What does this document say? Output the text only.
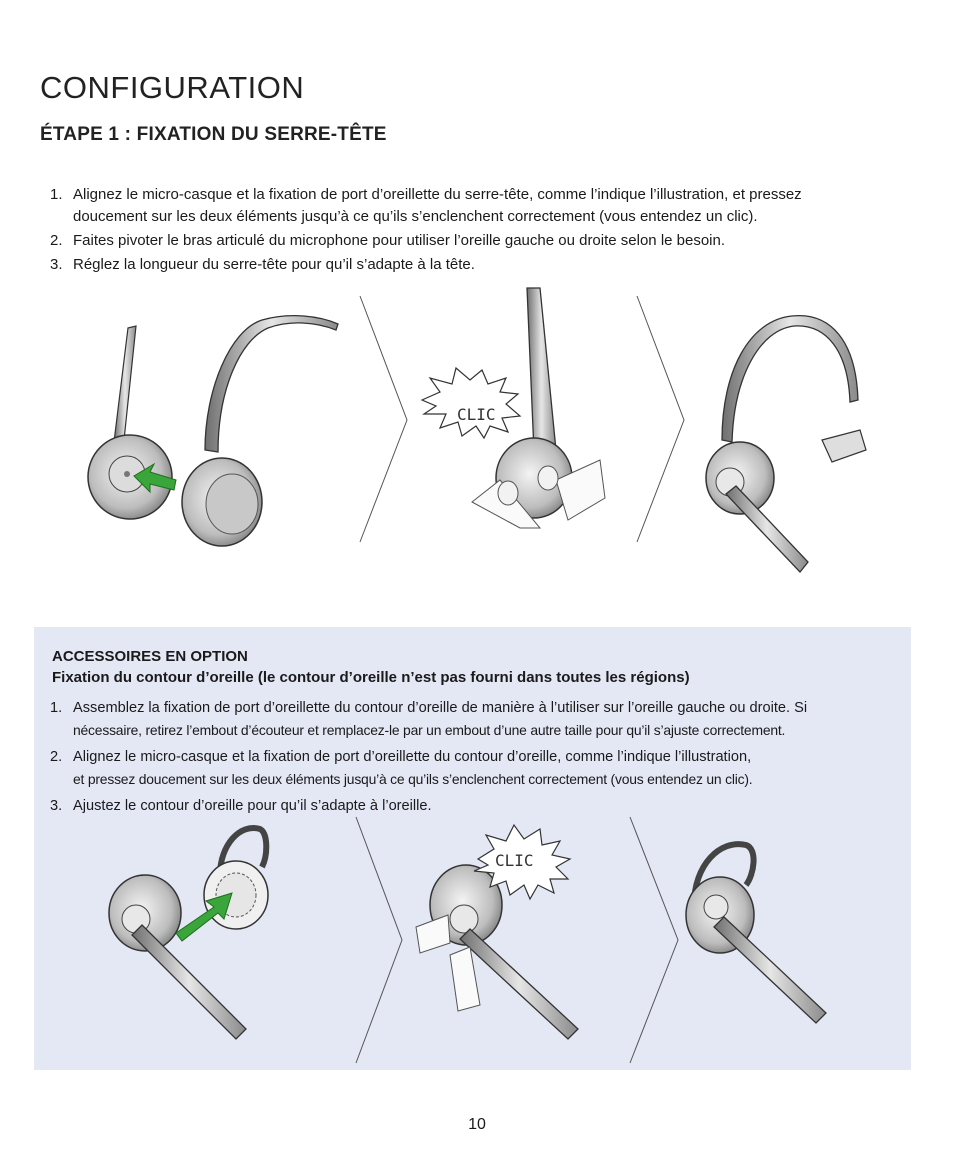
CONFIGURATION
ÉTAPE 1 : FIXATION DU SERRE-TÊTE
1. Alignez le micro-casque et la fixation de port d’oreillette du serre-tête, comme l’indique l’illustration, et pressez
doucement sur les deux éléments jusqu’à ce qu’ils s’enclenchent correctement (vous entendez un clic).
2. Faites pivoter le bras articulé du microphone pour utiliser l’oreille gauche ou droite selon le besoin.
3. Réglez la longueur du serre-tête pour qu’il s’adapte à la tête.
CLIC
ACCESSOIRES EN OPTION
Fixation du contour d’oreille (le contour d’oreille n’est pas fourni dans toutes les régions)
1. Assemblez la fixation de port d’oreillette du contour d’oreille de manière à l’utiliser sur l’oreille gauche ou droite. Si
nécessaire, retirez l’embout d’écouteur et remplacez-le par un embout d’une autre taille pour qu’il s’ajuste correctement.
2. Alignez le micro-casque et la fixation de port d’oreillette du contour d’oreille, comme l’indique l’illustration,
et pressez doucement sur les deux éléments jusqu’à ce qu’ils s’enclenchent correctement (vous entendez un clic).
3. Ajustez le contour d’oreille pour qu’il s’adapte à l’oreille.
CLIC
10
